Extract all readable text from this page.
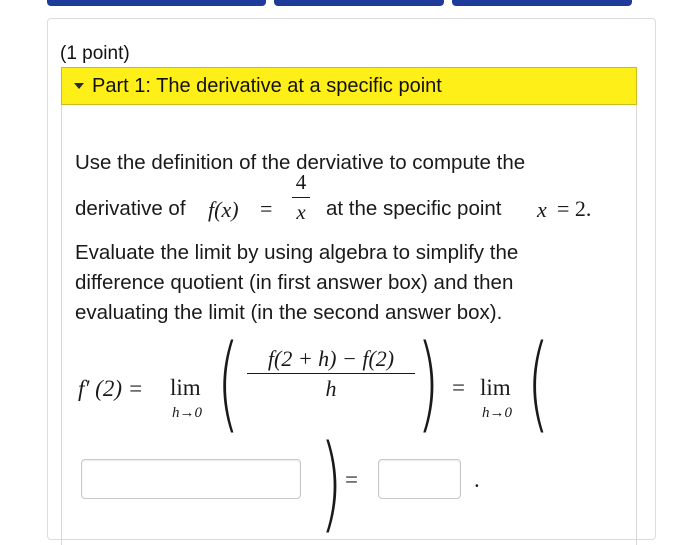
(1 point)
Part 1: The derivative at a specific point
Use the definition of the derviative to compute the
derivative of f(x) =
4
x at the specific point x = 2.
Evaluate the limit by using algebra to simplify the
difference quotient (in first answer box) and then
evaluating the limit (in the second answer box).
f′ (2) = lim
h→0 ( f(2 + h) − f(2)
h ) = lim
h→0 (
) =	.
